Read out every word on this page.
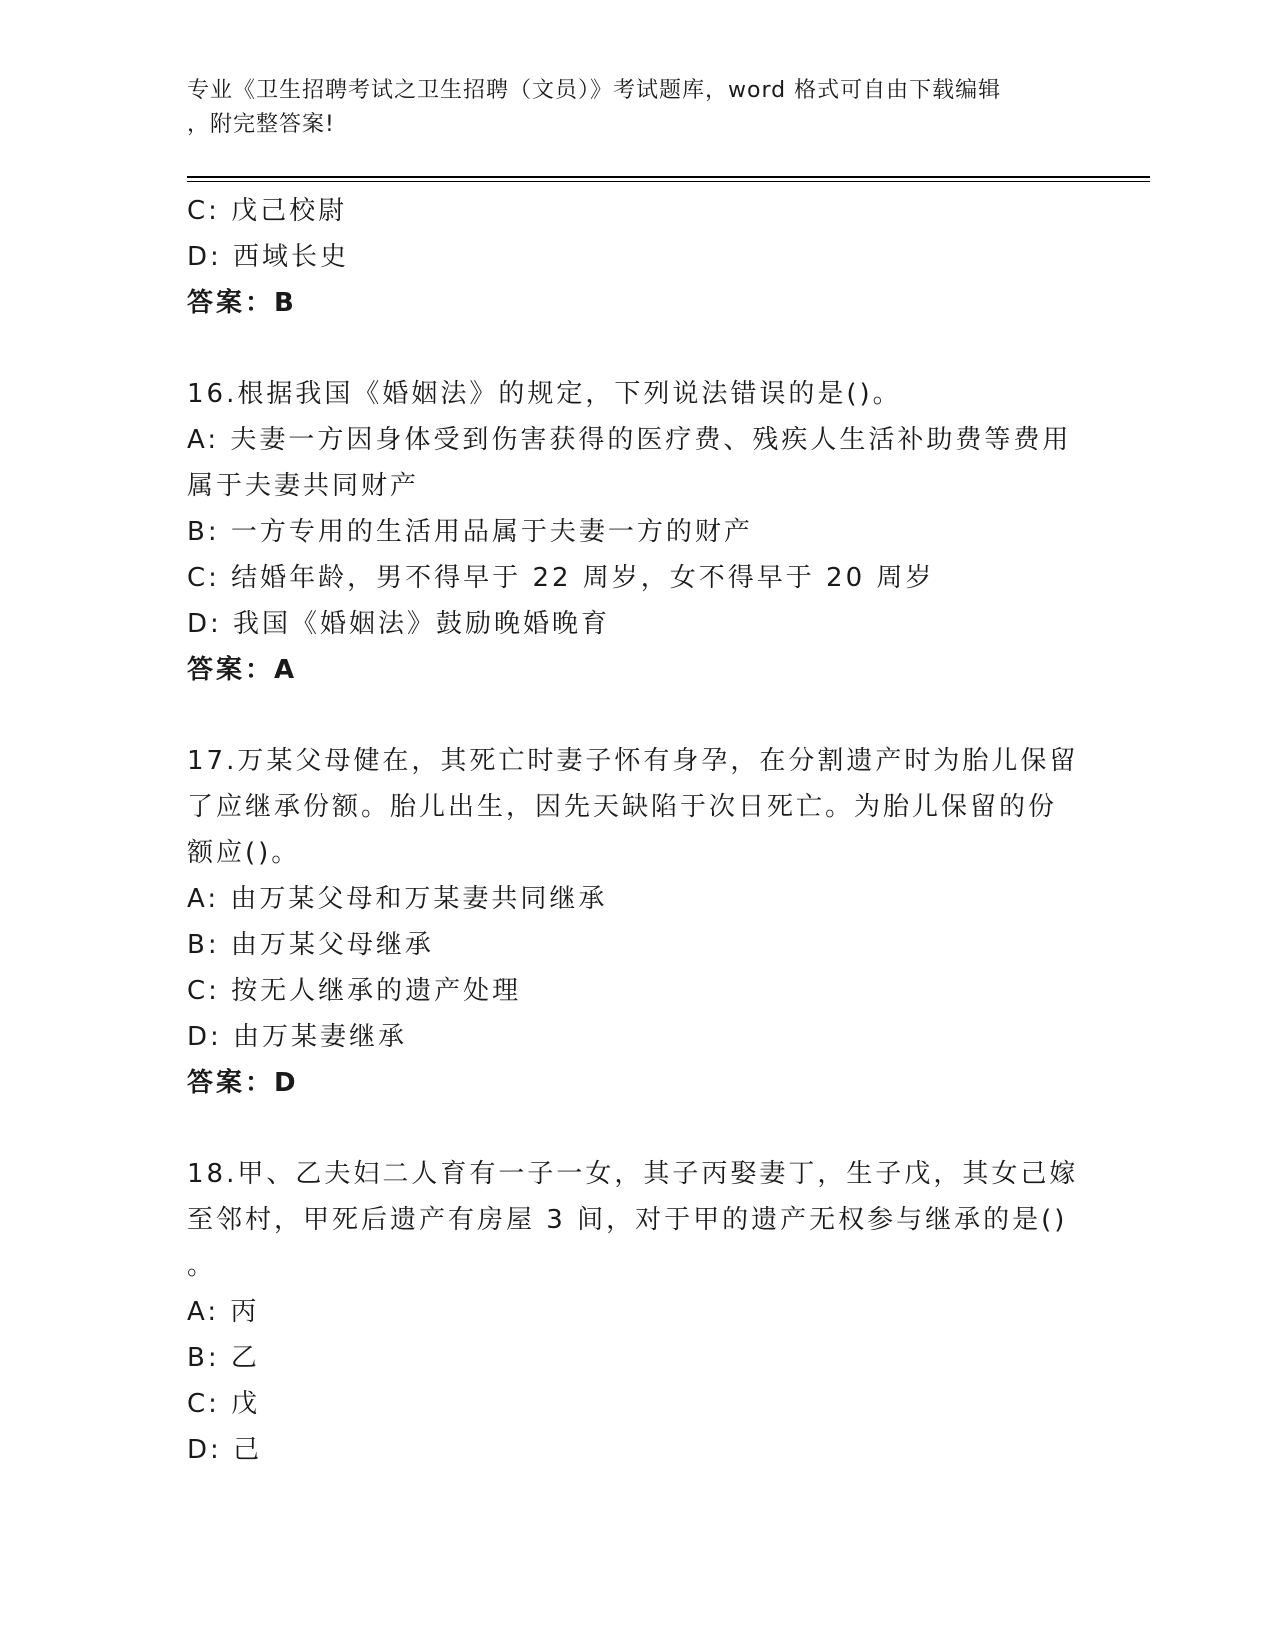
专业《卫生招聘考试之卫生招聘（文员）》考试题库，word 格式可自由下载编辑
，附完整答案!
C: 戊己校尉
D: 西域长史
答案：B
16.根据我国《婚姻法》的规定，下列说法错误的是()。
A: 夫妻一方因身体受到伤害获得的医疗费、残疾人生活补助费等费用
属于夫妻共同财产
B: 一方专用的生活用品属于夫妻一方的财产
C: 结婚年龄，男不得早于 22 周岁，女不得早于 20 周岁
D: 我国《婚姻法》鼓励晚婚晚育
答案：A
17.万某父母健在，其死亡时妻子怀有身孕，在分割遗产时为胎儿保留
了应继承份额。胎儿出生，因先天缺陷于次日死亡。为胎儿保留的份
额应()。
A: 由万某父母和万某妻共同继承
B: 由万某父母继承
C: 按无人继承的遗产处理
D: 由万某妻继承
答案：D
18.甲、乙夫妇二人育有一子一女，其子丙娶妻丁，生子戊，其女己嫁
至邻村，甲死后遗产有房屋 3 间，对于甲的遗产无权参与继承的是()
。
A: 丙
B: 乙
C: 戊
D: 己
